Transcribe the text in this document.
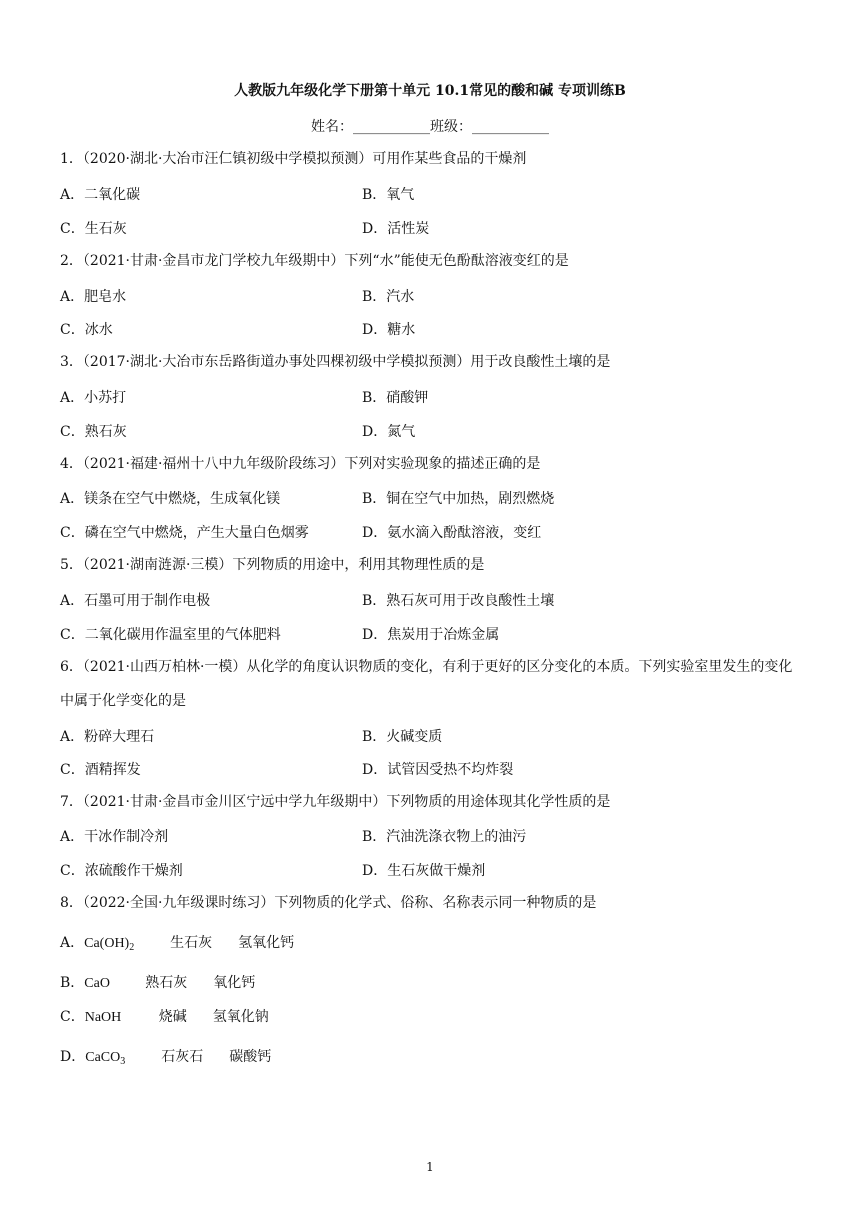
人教版九年级化学下册第十单元 10.1常见的酸和碱 专项训练B
姓名：___________班级：___________
1．（2020·湖北·大冶市汪仁镇初级中学模拟预测）可用作某些食品的干燥剂
A．二氧化碳	B．氧气
C．生石灰	D．活性炭
2．（2021·甘肃·金昌市龙门学校九年级期中）下列“水”能使无色酚酞溶液变红的是
A．肥皂水	B．汽水
C．冰水	D．糖水
3．（2017·湖北·大冶市东岳路街道办事处四棵初级中学模拟预测）用于改良酸性土壤的是
A．小苏打	B．硝酸钾
C．熟石灰	D．氮气
4．（2021·福建·福州十八中九年级阶段练习）下列对实验现象的描述正确的是
A．镁条在空气中燃烧，生成氧化镁	B．铜在空气中加热，剧烈燃烧
C．磷在空气中燃烧，产生大量白色烟雾	D．氨水滴入酚酞溶液，变红
5．（2021·湖南涟源·三模）下列物质的用途中，利用其物理性质的是
A．石墨可用于制作电极	B．熟石灰可用于改良酸性土壤
C．二氧化碳用作温室里的气体肥料	D．焦炭用于冶炼金属
6．（2021·山西万柏林·一模）从化学的角度认识物质的变化，有利于更好的区分变化的本质。下列实验室里发生的变化中属于化学变化的是
A．粉碎大理石	B．火碱变质
C．酒精挥发	D．试管因受热不均炸裂
7．（2021·甘肃·金昌市金川区宁远中学九年级期中）下列物质的用途体现其化学性质的是
A．干冰作制冷剂	B．汽油洗涤衣物上的油污
C．浓硫酸作干燥剂	D．生石灰做干燥剂
8．（2022·全国·九年级课时练习）下列物质的化学式、俗称、名称表示同一种物质的是
A．$Ca(OH)_2$	生石灰 氢氧化钙
B．CaO	熟石灰 氧化钙
C．NaOH	烧碱 氢氧化钠
D．CaCO$_3$	石灰石 碳酸钙
1
